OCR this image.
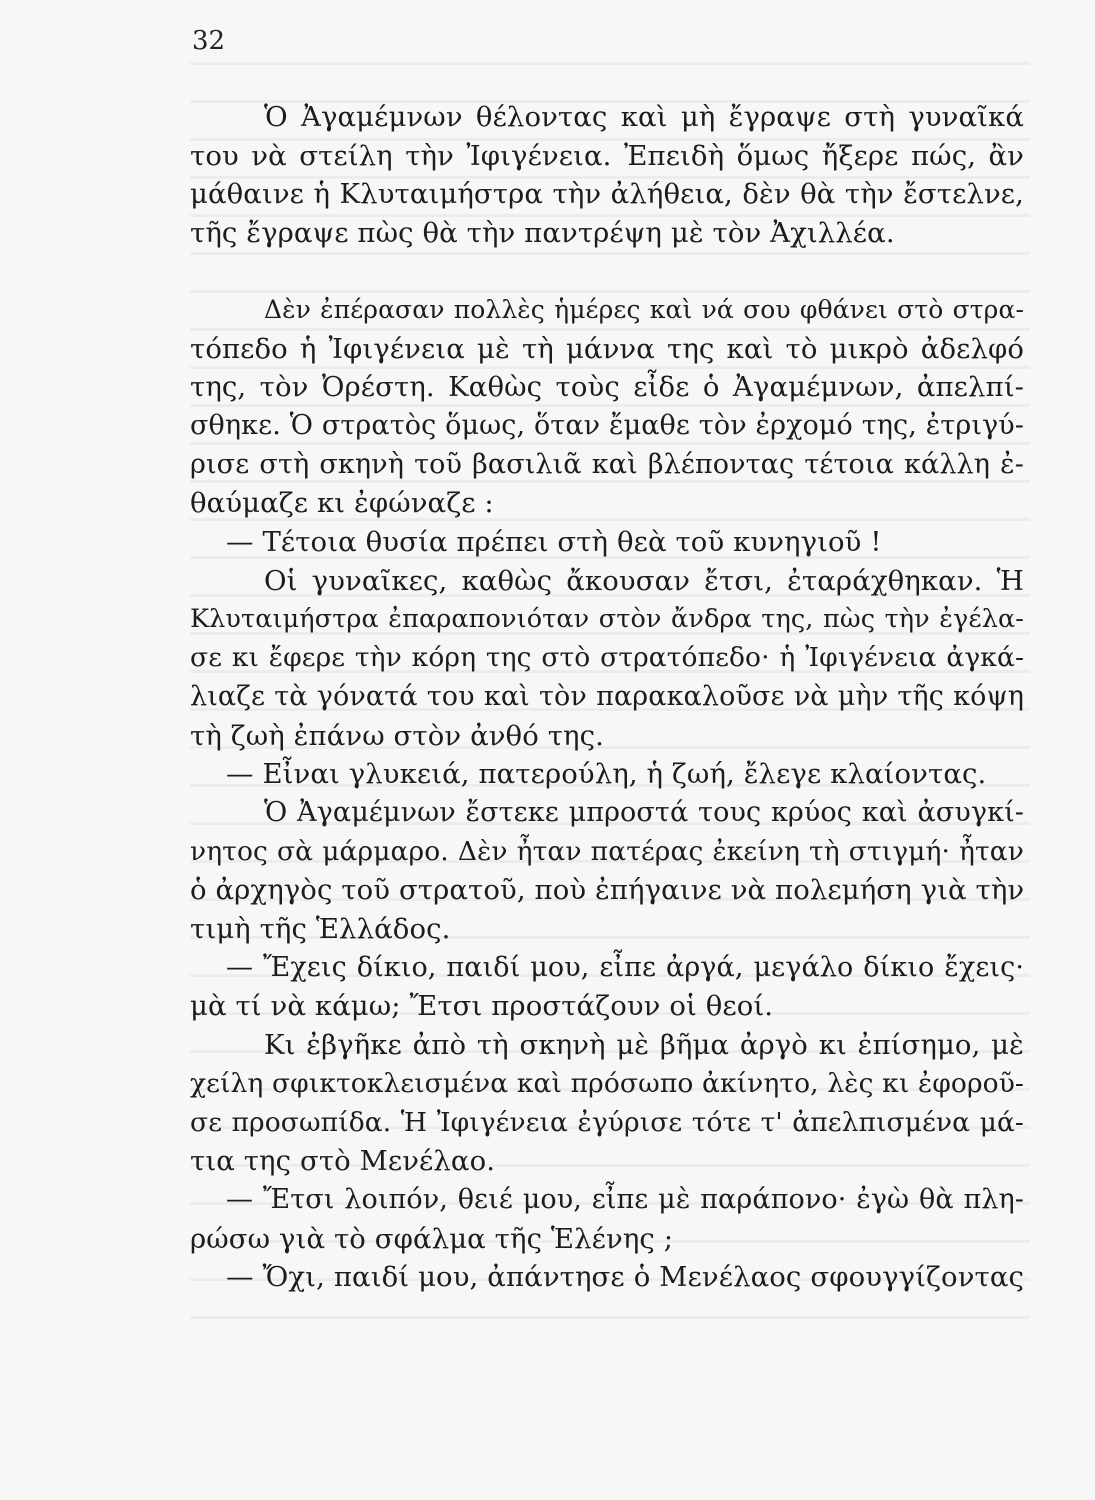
32
Ὁ Ἀγαμέμνων θέλοντας καὶ μὴ ἔγραψε στὴ γυναῖκά
του νὰ στείλη τὴν Ἰφιγένεια. Ἐπειδὴ ὅμως ἤξερε πώς, ἂν
μάθαινε ἡ Κλυταιμήστρα τὴν ἀλήθεια, δὲν θὰ τὴν ἔστελνε,
τῆς ἔγραψε πὼς θὰ τὴν παντρέψη μὲ τὸν Ἀχιλλέα.
Δὲν ἐπέρασαν πολλὲς ἡμέρες καὶ νά σου φθάνει στὸ στρα-
τόπεδο ἡ Ἰφιγένεια μὲ τὴ μάννα της καὶ τὸ μικρὸ ἀδελφό
της, τὸν Ὀρέστη. Καθὼς τοὺς εἶδε ὁ Ἀγαμέμνων, ἀπελπί-
σθηκε. Ὁ στρατὸς ὅμως, ὅταν ἔμαθε τὸν ἐρχομό της, ἐτριγύ-
ρισε στὴ σκηνὴ τοῦ βασιλιᾶ καὶ βλέποντας τέτοια κάλλη ἐ-
θαύμαζε κι ἐφώναζε :
— Τέτοια θυσία πρέπει στὴ θεὰ τοῦ κυνηγιοῦ !
Οἱ γυναῖκες, καθὼς ἄκουσαν ἔτσι, ἐταράχθηκαν. Ἡ
Κλυταιμήστρα ἐπαραπονιόταν στὸν ἄνδρα της, πὼς τὴν ἐγέλα-
σε κι ἔφερε τὴν κόρη της στὸ στρατόπεδο· ἡ Ἰφιγένεια ἀγκά-
λιαζε τὰ γόνατά του καὶ τὸν παρακαλοῦσε νὰ μὴν τῆς κόψη
τὴ ζωὴ ἐπάνω στὸν ἀνθό της.
— Εἶναι γλυκειά, πατερούλη, ἡ ζωή, ἔλεγε κλαίοντας.
Ὁ Ἀγαμέμνων ἔστεκε μπροστά τους κρύος καὶ ἀσυγκί-
νητος σὰ μάρμαρο. Δὲν ἦταν πατέρας ἐκείνη τὴ στιγμή· ἦταν
ὁ ἀρχηγὸς τοῦ στρατοῦ, ποὺ ἐπήγαινε νὰ πολεμήση γιὰ τὴν
τιμὴ τῆς Ἑλλάδος.
— Ἔχεις δίκιο, παιδί μου, εἶπε ἀργά, μεγάλο δίκιο ἔχεις·
μὰ τί νὰ κάμω; Ἔτσι προστάζουν οἱ θεοί.
Κι ἐβγῆκε ἀπὸ τὴ σκηνὴ μὲ βῆμα ἀργὸ κι ἐπίσημο, μὲ
χείλη σφικτοκλεισμένα καὶ πρόσωπο ἀκίνητο, λὲς κι ἐφοροῦ-
σε προσωπίδα. Ἡ Ἰφιγένεια ἐγύρισε τότε τ' ἀπελπισμένα μά-
τια της στὸ Μενέλαο.
— Ἔτσι λοιπόν, θειέ μου, εἶπε μὲ παράπονο· ἐγὼ θὰ πλη-
ρώσω γιὰ τὸ σφάλμα τῆς Ἑλένης ;
— Ὄχι, παιδί μου, ἀπάντησε ὁ Μενέλαος σφουγγίζοντας
